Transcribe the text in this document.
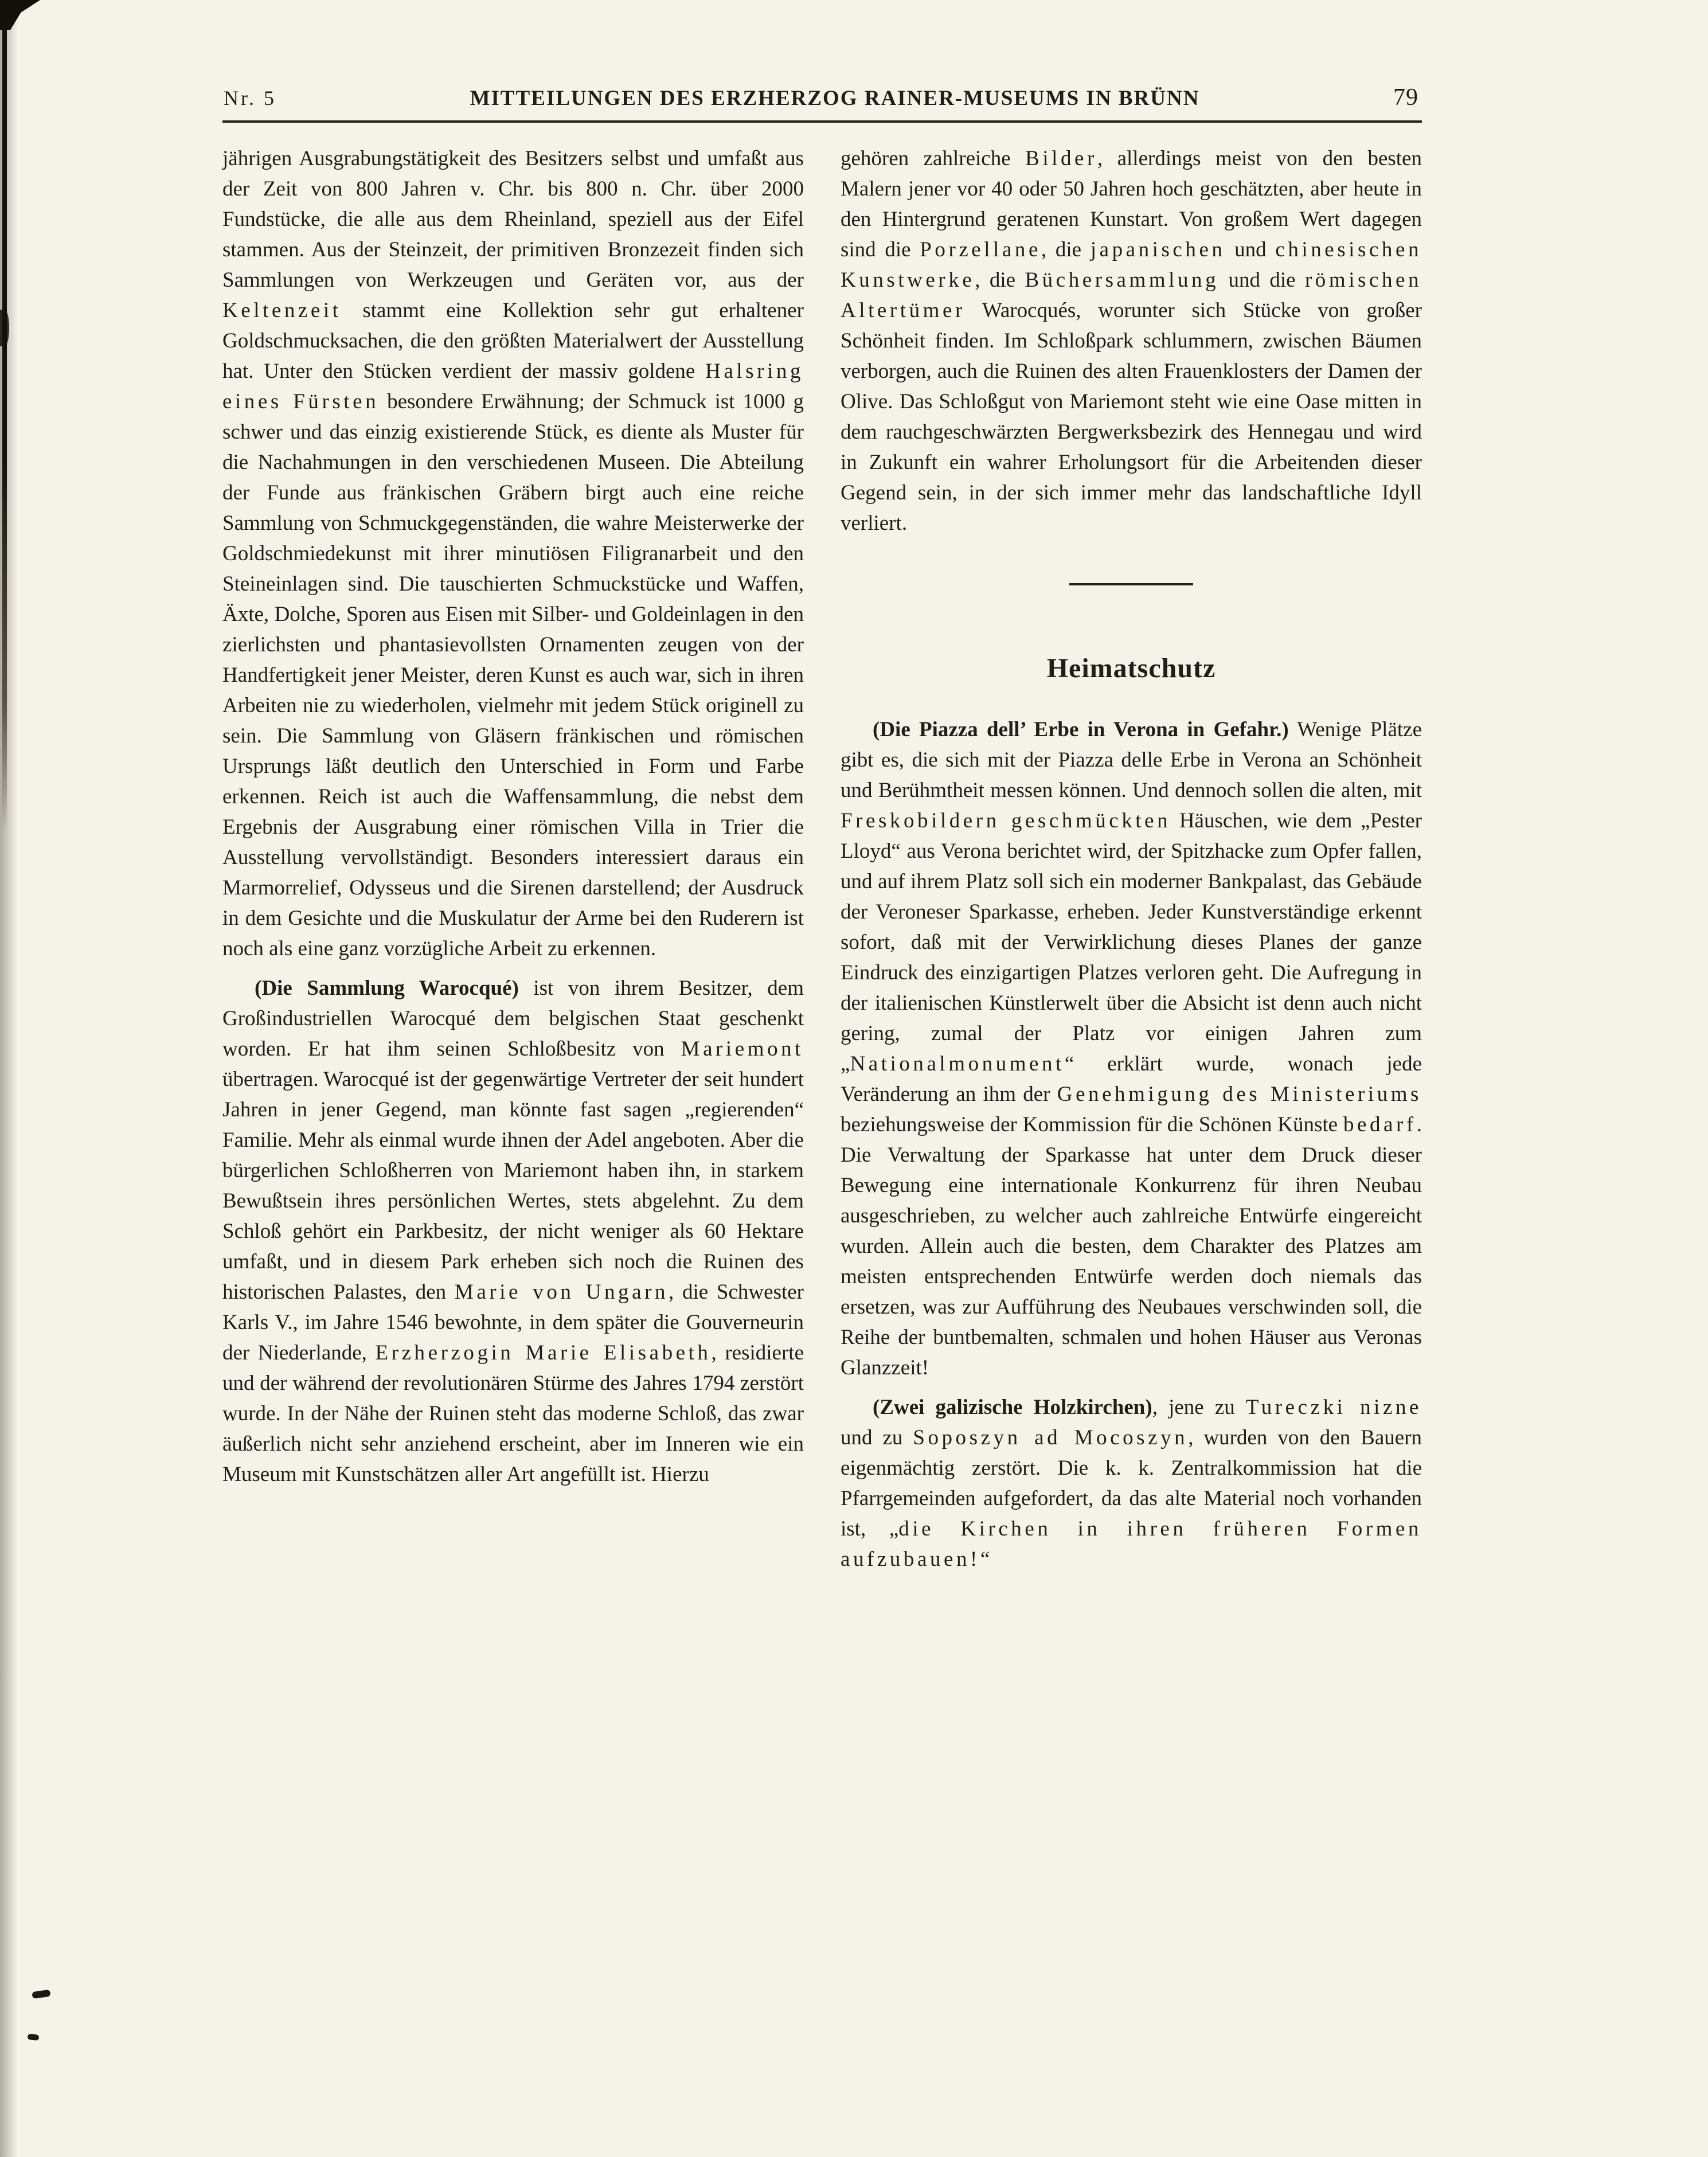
Nr. 5	MITTEILUNGEN DES ERZHERZOG RAINER-MUSEUMS IN BRÜNN	79

jährigen Ausgrabungstätigkeit des Besitzers selbst und umfaßt aus der Zeit von 800 Jahren v. Chr. bis 800 n. Chr. über 2000 Fundstücke, die alle aus dem Rheinland, speziell aus der Eifel stammen. Aus der Steinzeit, der primitiven Bronzezeit finden sich Sammlungen von Werkzeugen und Geräten vor, aus der Keltenzeit stammt eine Kollektion sehr gut erhaltener Goldschmucksachen, die den größten Materialwert der Ausstellung hat. Unter den Stücken verdient der massiv goldene Halsring eines Fürsten besondere Erwähnung; der Schmuck ist 1000 g schwer und das einzig existierende Stück, es diente als Muster für die Nachahmungen in den verschiedenen Museen. Die Abteilung der Funde aus fränkischen Gräbern birgt auch eine reiche Sammlung von Schmuckgegenständen, die wahre Meisterwerke der Goldschmiedekunst mit ihrer minutiösen Filigranarbeit und den Steineinlagen sind. Die tauschierten Schmuckstücke und Waffen, Äxte, Dolche, Sporen aus Eisen mit Silber- und Goldeinlagen in den zierlichsten und phantasievollsten Ornamenten zeugen von der Handfertigkeit jener Meister, deren Kunst es auch war, sich in ihren Arbeiten nie zu wiederholen, vielmehr mit jedem Stück originell zu sein. Die Sammlung von Gläsern fränkischen und römischen Ursprungs läßt deutlich den Unterschied in Form und Farbe erkennen. Reich ist auch die Waffensammlung, die nebst dem Ergebnis der Ausgrabung einer römischen Villa in Trier die Ausstellung vervollständigt. Besonders interessiert daraus ein Marmorrelief, Odysseus und die Sirenen darstellend; der Ausdruck in dem Gesichte und die Muskulatur der Arme bei den Ruderern ist noch als eine ganz vorzügliche Arbeit zu erkennen.

(Die Sammlung Warocqué) ist von ihrem Besitzer, dem Großindustriellen Warocqué dem belgischen Staat geschenkt worden. Er hat ihm seinen Schloßbesitz von Mariemont übertragen. Warocqué ist der gegenwärtige Vertreter der seit hundert Jahren in jener Gegend, man könnte fast sagen „regierenden“ Familie. Mehr als einmal wurde ihnen der Adel angeboten. Aber die bürgerlichen Schloßherren von Mariemont haben ihn, in starkem Bewußtsein ihres persönlichen Wertes, stets abgelehnt. Zu dem Schloß gehört ein Parkbesitz, der nicht weniger als 60 Hektare umfaßt, und in diesem Park erheben sich noch die Ruinen des historischen Palastes, den Marie von Ungarn, die Schwester Karls V., im Jahre 1546 bewohnte, in dem später die Gouverneurin der Niederlande, Erzherzogin Marie Elisabeth, residierte und der während der revolutionären Stürme des Jahres 1794 zerstört wurde. In der Nähe der Ruinen steht das moderne Schloß, das zwar äußerlich nicht sehr anziehend erscheint, aber im Inneren wie ein Museum mit Kunstschätzen aller Art angefüllt ist. Hierzu

gehören zahlreiche Bilder, allerdings meist von den besten Malern jener vor 40 oder 50 Jahren hoch geschätzten, aber heute in den Hintergrund geratenen Kunstart. Von großem Wert dagegen sind die Porzellane, die japanischen und chinesischen Kunstwerke, die Büchersammlung und die römischen Altertümer Warocqués, worunter sich Stücke von großer Schönheit finden. Im Schloßpark schlummern, zwischen Bäumen verborgen, auch die Ruinen des alten Frauenklosters der Damen der Olive. Das Schloßgut von Mariemont steht wie eine Oase mitten in dem rauchgeschwärzten Bergwerksbezirk des Hennegau und wird in Zukunft ein wahrer Erholungsort für die Arbeitenden dieser Gegend sein, in der sich immer mehr das landschaftliche Idyll verliert.

Heimatschutz

(Die Piazza dell’ Erbe in Verona in Gefahr.) Wenige Plätze gibt es, die sich mit der Piazza delle Erbe in Verona an Schönheit und Berühmtheit messen können. Und dennoch sollen die alten, mit Freskobildern geschmückten Häuschen, wie dem „Pester Lloyd“ aus Verona berichtet wird, der Spitzhacke zum Opfer fallen, und auf ihrem Platz soll sich ein moderner Bankpalast, das Gebäude der Veroneser Sparkasse, erheben. Jeder Kunstverständige erkennt sofort, daß mit der Verwirklichung dieses Planes der ganze Eindruck des einzigartigen Platzes verloren geht. Die Aufregung in der italienischen Künstlerwelt über die Absicht ist denn auch nicht gering, zumal der Platz vor einigen Jahren zum „Nationalmonument“ erklärt wurde, wonach jede Veränderung an ihm der Genehmigung des Ministeriums beziehungsweise der Kommission für die Schönen Künste bedarf. Die Verwaltung der Sparkasse hat unter dem Druck dieser Bewegung eine internationale Konkurrenz für ihren Neubau ausgeschrieben, zu welcher auch zahlreiche Entwürfe eingereicht wurden. Allein auch die besten, dem Charakter des Platzes am meisten entsprechenden Entwürfe werden doch niemals das ersetzen, was zur Aufführung des Neubaues verschwinden soll, die Reihe der buntbemalten, schmalen und hohen Häuser aus Veronas Glanzzeit!

(Zwei galizische Holzkirchen), jene zu Tureczki nizne und zu Soposzyn ad Mocoszyn, wurden von den Bauern eigenmächtig zerstört. Die k. k. Zentralkommission hat die Pfarrgemeinden aufgefordert, da das alte Material noch vorhanden ist, „die Kirchen in ihren früheren Formen aufzubauen!“
